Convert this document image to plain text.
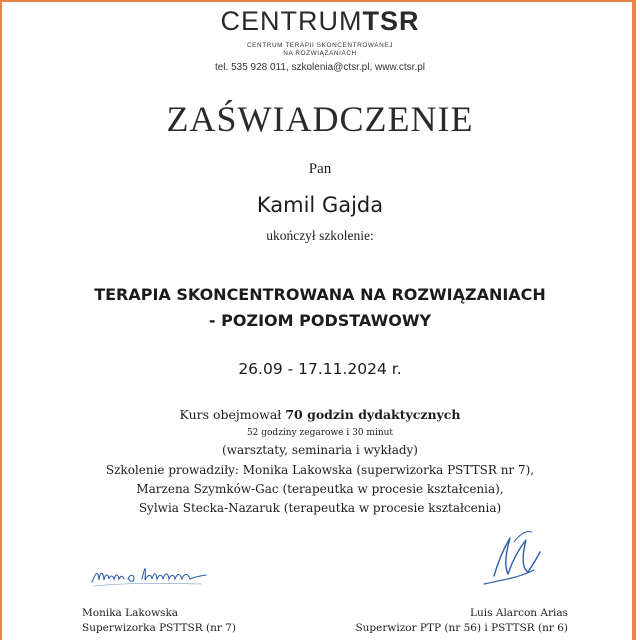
CENTRUMTSR
CENTRUM TERAPII SKONCENTROWANEJ
NA ROZWIĄZANIACH
tel. 535 928 011, szkolenia@ctsr.pl, www.ctsr.pl
ZAŚWIADCZENIE
Pan
Kamil Gajda
ukończył szkolenie:
TERAPIA SKONCENTROWANA NA ROZWIĄZANIACH
- POZIOM PODSTAWOWY
26.09 - 17.11.2024 r.
Kurs obejmował 70 godzin dydaktycznych
52 godziny zegarowe i 30 minut
(warsztaty, seminaria i wykłady)
Szkolenie prowadziły: Monika Lakowska (superwizorka PSTTSR nr 7),
Marzena Szymków-Gac (terapeutka w procesie kształcenia),
Sylwia Stecka-Nazaruk (terapeutka w procesie kształcenia)
Monika Lakowska
Superwizorka PSTTSR (nr 7)
Luis Alarcon Arias
Superwizor PTP (nr 56) i PSTTSR (nr 6)
